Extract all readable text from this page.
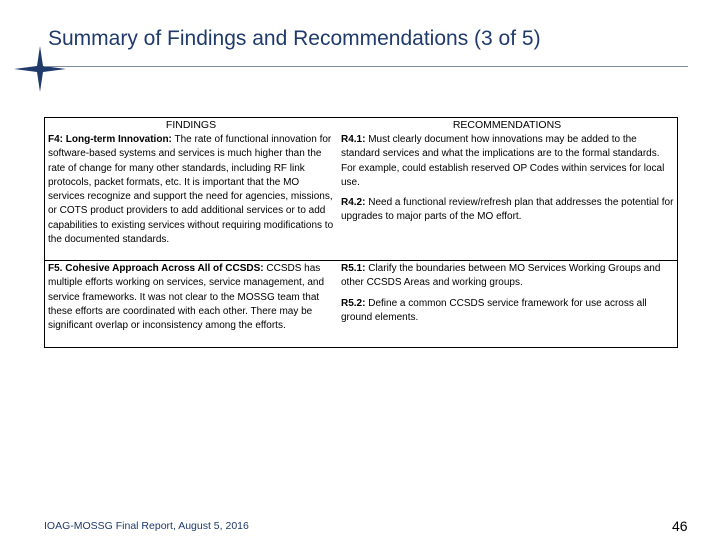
Summary of Findings and Recommendations (3 of 5)
FINDINGS	RECOMMENDATIONS
F4: Long-term Innovation: The rate of functional innovation for software-based systems and services is much higher than the rate of change for many other standards, including RF link protocols, packet formats, etc. It is important that the MO services recognize and support the need for agencies, missions, or COTS product providers to add additional services or to add capabilities to existing services without requiring modifications to the documented standards.
R4.1: Must clearly document how innovations may be added to the standard services and what the implications are to the formal standards. For example, could establish reserved OP Codes within services for local use.
R4.2: Need a functional review/refresh plan that addresses the potential for upgrades to major parts of the MO effort.
F5. Cohesive Approach Across All of CCSDS: CCSDS has multiple efforts working on services, service management, and service frameworks. It was not clear to the MOSSG team that these efforts are coordinated with each other. There may be significant overlap or inconsistency among the efforts.
R5.1: Clarify the boundaries between MO Services Working Groups and other CCSDS Areas and working groups.
R5.2: Define a common CCSDS service framework for use across all ground elements.
IOAG-MOSSG Final Report, August 5, 2016	46
